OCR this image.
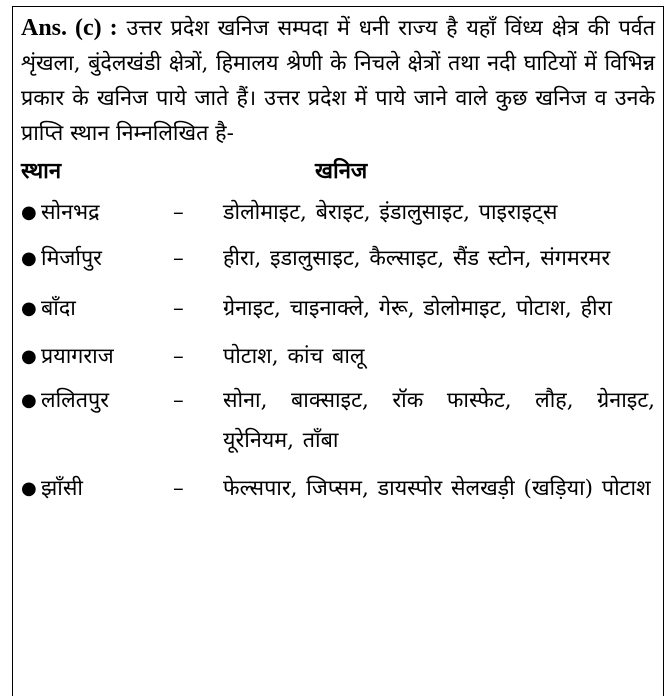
Ans. (c) : उत्तर प्रदेश खनिज सम्पदा में धनी राज्य है यहाँ विंध्य क्षेत्र की पर्वत शृंखला, बुंदेलखंडी क्षेत्रों, हिमालय श्रेणी के निचले क्षेत्रों तथा नदी घाटियों में विभिन्न प्रकार के खनिज पाये जाते हैं। उत्तर प्रदेश में पाये जाने वाले कुछ खनिज व उनके प्राप्ति स्थान निम्नलिखित है-

स्थान	खनिज
● सोनभद्र	– डोलोमाइट, बेराइट, इंडालुसाइट, पाइराइट्स
● मिर्जापुर	– हीरा, इडालुसाइट, कैल्साइट, सैंड स्टोन, संगमरमर
● बाँदा	– ग्रेनाइट, चाइनाक्ले, गेरू, डोलोमाइट, पोटाश, हीरा
● प्रयागराज	– पोटाश, कांच बालू
● ललितपुर	– सोना, बाक्साइट, रॉक फास्फेट, लौह, ग्रेनाइट, यूरेनियम, ताँबा
● झाँसी	– फेल्सपार, जिप्सम, डायस्पोर सेलखड़ी (खड़िया) पोटाश
